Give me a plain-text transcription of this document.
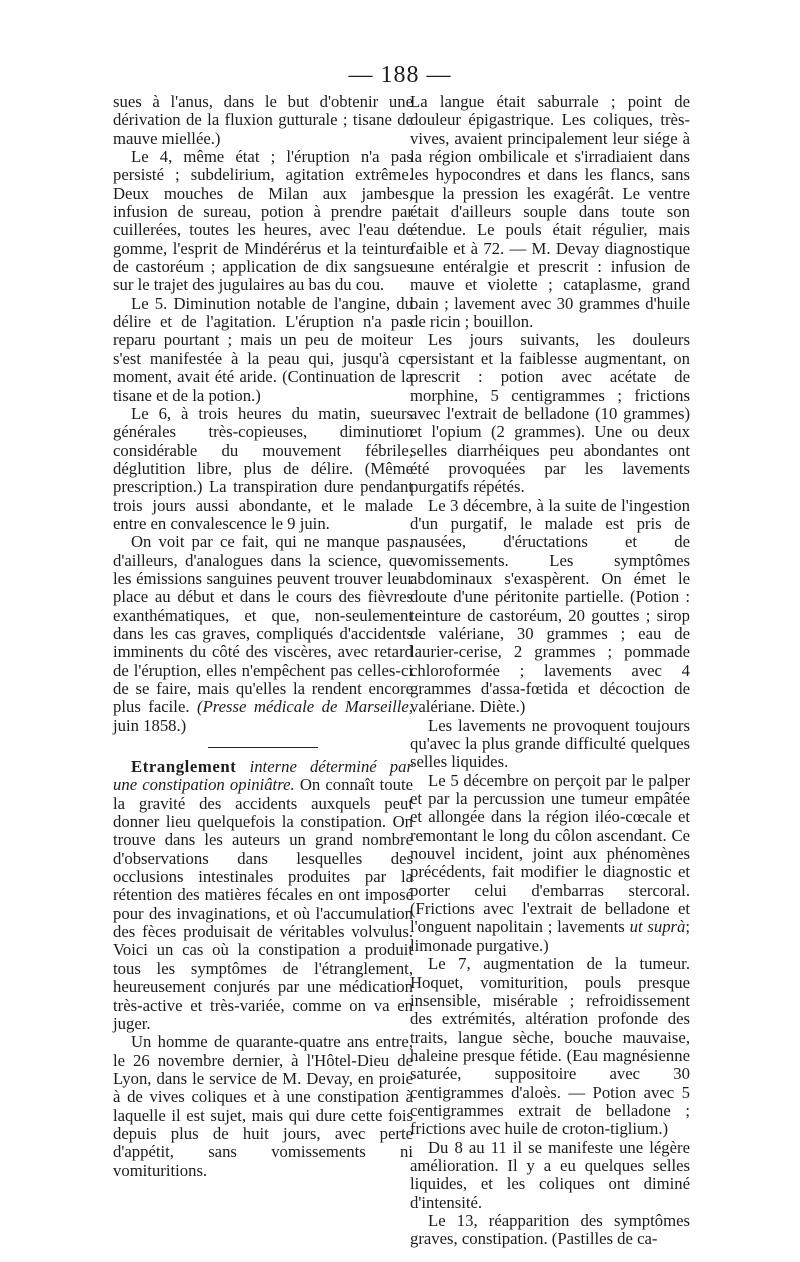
— 188 —

sues à l'anus, dans le but d'obtenir une dérivation de la fluxion gutturale ; tisane de mauve miellée.)

Le 4, même état ; l'éruption n'a pas persisté ; subdelirium, agitation extrême. Deux mouches de Milan aux jambes, infusion de sureau, potion à prendre par cuillerées, toutes les heures, avec l'eau de gomme, l'esprit de Mindérérus et la teinture de castoréum ; application de dix sangsues sur le trajet des jugulaires au bas du cou.

Le 5. Diminution notable de l'angine, du délire et de l'agitation. L'éruption n'a pas reparu pourtant ; mais un peu de moiteur s'est manifestée à la peau qui, jusqu'à ce moment, avait été aride. (Continuation de la tisane et de la potion.)

Le 6, à trois heures du matin, sueurs générales très-copieuses, diminution considérable du mouvement fébrile, déglutition libre, plus de délire. (Même prescription.) La transpiration dure pendant trois jours aussi abondante, et le malade entre en convalescence le 9 juin.

On voit par ce fait, qui ne manque pas, d'ailleurs, d'analogues dans la science, que les émissions sanguines peuvent trouver leur place au début et dans le cours des fièvres exanthématiques, et que, non-seulement dans les cas graves, compliqués d'accidents imminents du côté des viscères, avec retard de l'éruption, elles n'empêchent pas celles-ci de se faire, mais qu'elles la rendent encore plus facile. (Presse médicale de Marseille, juin 1858.)

Etranglement interne déterminé par une constipation opiniâtre. On connaît toute la gravité des accidents auxquels peut donner lieu quelquefois la constipation. On trouve dans les auteurs un grand nombre d'observations dans lesquelles des occlusions intestinales produites par la rétention des matières fécales en ont imposé pour des invaginations, et où l'accumulation des fèces produisait de véritables volvulus. Voici un cas où la constipation a produit tous les symptômes de l'étranglement, heureusement conjurés par une médication très-active et très-variée, comme on va en juger.

Un homme de quarante-quatre ans entre, le 26 novembre dernier, à l'Hôtel-Dieu de Lyon, dans le service de M. Devay, en proie à de vives coliques et à une constipation à laquelle il est sujet, mais qui dure cette fois depuis plus de huit jours, avec perte d'appétit, sans vomissements ni vomituritions.

La langue était saburrale ; point de douleur épigastrique. Les coliques, très-vives, avaient principalement leur siége à la région ombilicale et s'irradiaient dans les hypocondres et dans les flancs, sans que la pression les exagérât. Le ventre était d'ailleurs souple dans toute son étendue. Le pouls était régulier, mais faible et à 72. — M. Devay diagnostique une entéralgie et prescrit : infusion de mauve et violette ; cataplasme, grand bain ; lavement avec 30 grammes d'huile de ricin ; bouillon.

Les jours suivants, les douleurs persistant et la faiblesse augmentant, on prescrit : potion avec acétate de morphine, 5 centigrammes ; frictions avec l'extrait de belladone (10 grammes) et l'opium (2 grammes). Une ou deux selles diarrhéiques peu abondantes ont été provoquées par les lavements purgatifs répétés.

Le 3 décembre, à la suite de l'ingestion d'un purgatif, le malade est pris de nausées, d'éructations et de vomissements. Les symptômes abdominaux s'exaspèrent. On émet le doute d'une péritonite partielle. (Potion : teinture de castoréum, 20 gouttes ; sirop de valériane, 30 grammes ; eau de laurier-cerise, 2 grammes ; pommade chloroformée ; lavements avec 4 grammes d'assa-fœtida et décoction de valériane. Diète.)

Les lavements ne provoquent toujours qu'avec la plus grande difficulté quelques selles liquides.

Le 5 décembre on perçoit par le palper et par la percussion une tumeur empâtée et allongée dans la région iléo-cœcale et remontant le long du côlon ascendant. Ce nouvel incident, joint aux phénomènes précédents, fait modifier le diagnostic et porter celui d'embarras stercoral. (Frictions avec l'extrait de belladone et l'onguent napolitain ; lavements ut suprà; limonade purgative.)

Le 7, augmentation de la tumeur. Hoquet, vomiturition, pouls presque insensible, misérable ; refroidissement des extrémités, altération profonde des traits, langue sèche, bouche mauvaise, haleine presque fétide. (Eau magnésienne saturée, suppositoire avec 30 centigrammes d'aloès. — Potion avec 5 centigrammes extrait de belladone ; frictions avec huile de croton-tiglium.)

Du 8 au 11 il se manifeste une légère amélioration. Il y a eu quelques selles liquides, et les coliques ont diminé d'intensité.

Le 13, réapparition des symptômes graves, constipation. (Pastilles de ca-
